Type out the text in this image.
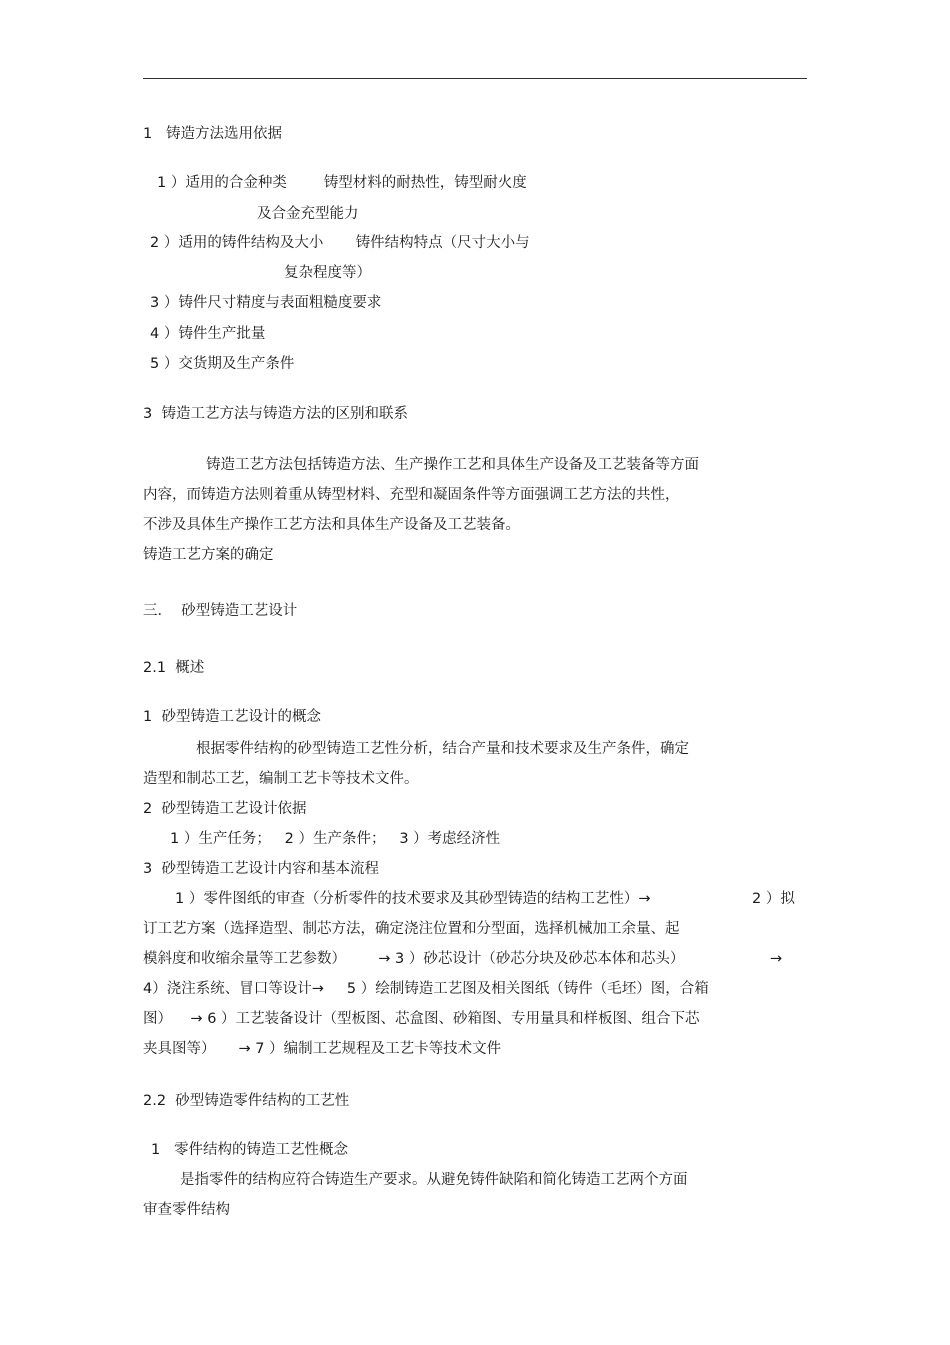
1   铸造方法选用依据
1 ）适用的合金种类        铸型材料的耐热性，铸型耐火度
及合金充型能力
2 ）适用的铸件结构及大小       铸件结构特点（尺寸大小与
复杂程度等）
3 ）铸件尺寸精度与表面粗糙度要求
4 ）铸件生产批量
5 ）交货期及生产条件
3  铸造工艺方法与铸造方法的区别和联系
铸造工艺方法包括铸造方法、生产操作工艺和具体生产设备及工艺装备等方面
内容，而铸造方法则着重从铸型材料、充型和凝固条件等方面强调工艺方法的共性，
不涉及具体生产操作工艺方法和具体生产设备及工艺装备。
铸造工艺方案的确定
三．  砂型铸造工艺设计
2.1  概述
1  砂型铸造工艺设计的概念
根据零件结构的砂型铸造工艺性分析，结合产量和技术要求及生产条件，确定
造型和制芯工艺，编制工艺卡等技术文件。
2  砂型铸造工艺设计依据
1 ）生产任务；   2 ）生产条件；   3 ）考虑经济性
3  砂型铸造工艺设计内容和基本流程
1 ）零件图纸的审查（分析零件的技术要求及其砂型铸造的结构工艺性）→	2 ）拟
订工艺方案（选择造型、制芯方法，确定浇注位置和分型面，选择机械加工余量、起
模斜度和收缩余量等工艺参数）       → 3 ）砂芯设计（砂芯分块及砂芯本体和芯头）	→
4）浇注系统、冒口等设计→     5 ）绘制铸造工艺图及相关图纸（铸件（毛坯）图，合箱
图）    → 6 ）工艺装备设计（型板图、芯盒图、砂箱图、专用量具和样板图、组合下芯
夹具图等）     → 7 ）编制工艺规程及工艺卡等技术文件
2.2  砂型铸造零件结构的工艺性
1   零件结构的铸造工艺性概念
是指零件的结构应符合铸造生产要求。从避免铸件缺陷和简化铸造工艺两个方面
审查零件结构
